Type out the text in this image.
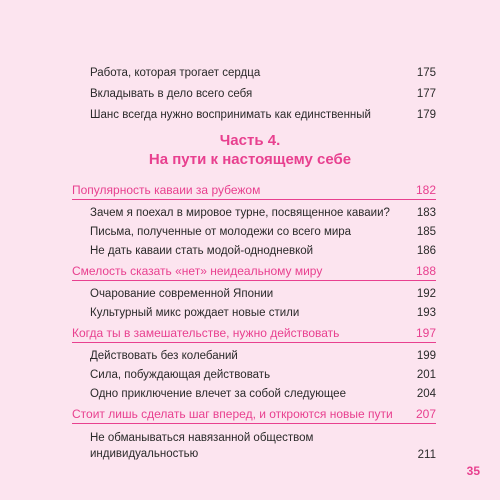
Работа, которая трогает сердца	175
Вкладывать в дело всего себя	177
Шанс всегда нужно воспринимать как единственный	179
Часть 4.
На пути к настоящему себе
Популярность каваии за рубежом	182
Зачем я поехал в мировое турне, посвященное каваии? 183
Письма, полученные от молодежи со всего мира	185
Не дать каваии стать модой-однодневкой	186
Смелость сказать «нет» неидеальному миру	188
Очарование современной Японии	192
Культурный микс рождает новые стили	193
Когда ты в замешательстве, нужно действовать	197
Действовать без колебаний	199
Сила, побуждающая действовать	201
Одно приключение влечет за собой следующее	204
Стоит лишь сделать шаг вперед, и откроются новые пути 207
Не обманываться навязанной обществом индивидуальностью	211
35
